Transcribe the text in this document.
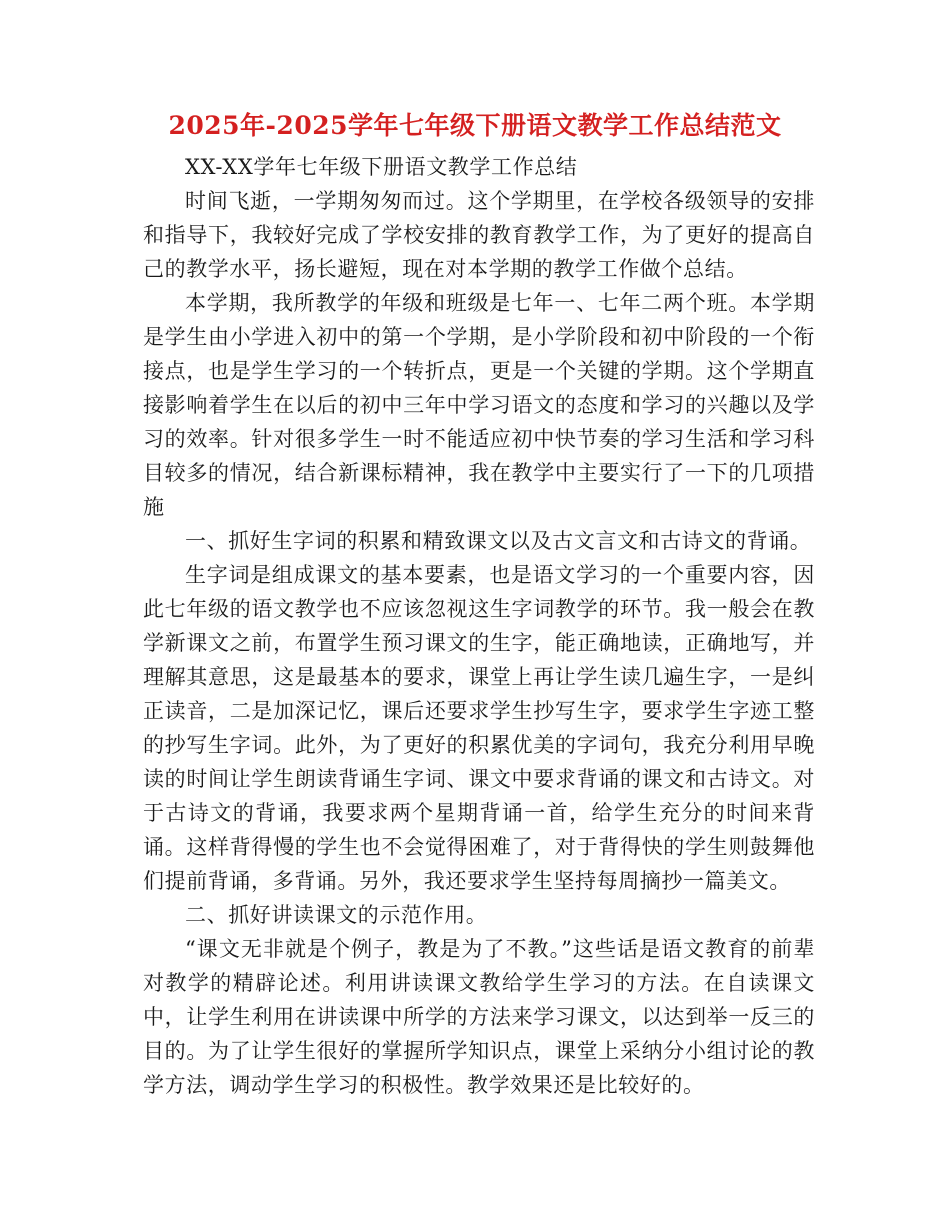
2025年-2025学年七年级下册语文教学工作总结范文

XX-XX学年七年级下册语文教学工作总结

时间飞逝，一学期匆匆而过。这个学期里，在学校各级领导的安排和指导下，我较好完成了学校安排的教育教学工作，为了更好的提高自己的教学水平，扬长避短，现在对本学期的教学工作做个总结。

本学期，我所教学的年级和班级是七年一、七年二两个班。本学期是学生由小学进入初中的第一个学期，是小学阶段和初中阶段的一个衔接点，也是学生学习的一个转折点，更是一个关键的学期。这个学期直接影响着学生在以后的初中三年中学习语文的态度和学习的兴趣以及学习的效率。针对很多学生一时不能适应初中快节奏的学习生活和学习科目较多的情况，结合新课标精神，我在教学中主要实行了一下的几项措施

一、抓好生字词的积累和精致课文以及古文言文和古诗文的背诵。

生字词是组成课文的基本要素，也是语文学习的一个重要内容，因此七年级的语文教学也不应该忽视这生字词教学的环节。我一般会在教学新课文之前，布置学生预习课文的生字，能正确地读，正确地写，并理解其意思，这是最基本的要求，课堂上再让学生读几遍生字，一是纠正读音，二是加深记忆，课后还要求学生抄写生字，要求学生字迹工整的抄写生字词。此外，为了更好的积累优美的字词句，我充分利用早晚读的时间让学生朗读背诵生字词、课文中要求背诵的课文和古诗文。对于古诗文的背诵，我要求两个星期背诵一首，给学生充分的时间来背诵。这样背得慢的学生也不会觉得困难了，对于背得快的学生则鼓舞他们提前背诵，多背诵。另外，我还要求学生坚持每周摘抄一篇美文。

二、抓好讲读课文的示范作用。

“课文无非就是个例子，教是为了不教。”这些话是语文教育的前辈对教学的精辟论述。利用讲读课文教给学生学习的方法。在自读课文中，让学生利用在讲读课中所学的方法来学习课文，以达到举一反三的目的。为了让学生很好的掌握所学知识点，课堂上采纳分小组讨论的教学方法，调动学生学习的积极性。教学效果还是比较好的。
